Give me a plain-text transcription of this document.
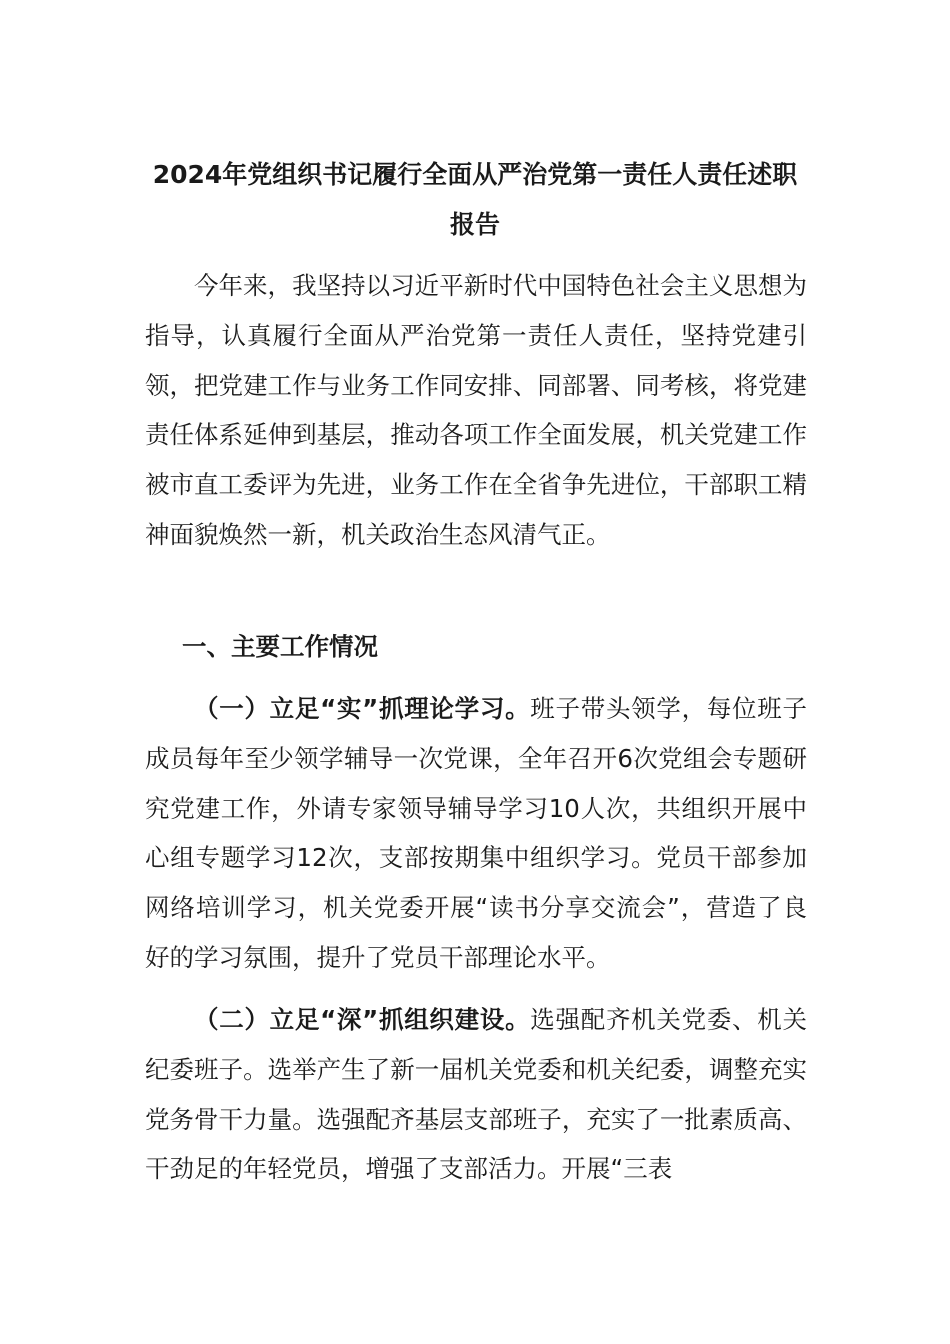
2024年党组织书记履行全面从严治党第一责任人责任述职报告

今年来，我坚持以习近平新时代中国特色社会主义思想为指导，认真履行全面从严治党第一责任人责任，坚持党建引领，把党建工作与业务工作同安排、同部署、同考核，将党建责任体系延伸到基层，推动各项工作全面发展，机关党建工作被市直工委评为先进，业务工作在全省争先进位，干部职工精神面貌焕然一新，机关政治生态风清气正。

一、主要工作情况

（一）立足“实”抓理论学习。班子带头领学，每位班子成员每年至少领学辅导一次党课，全年召开6次党组会专题研究党建工作，外请专家领导辅导学习10人次，共组织开展中心组专题学习12次，支部按期集中组织学习。党员干部参加网络培训学习，机关党委开展“读书分享交流会”，营造了良好的学习氛围，提升了党员干部理论水平。

（二）立足“深”抓组织建设。选强配齐机关党委、机关纪委班子。选举产生了新一届机关党委和机关纪委，调整充实党务骨干力量。选强配齐基层支部班子，充实了一批素质高、干劲足的年轻党员，增强了支部活力。开展“三表
